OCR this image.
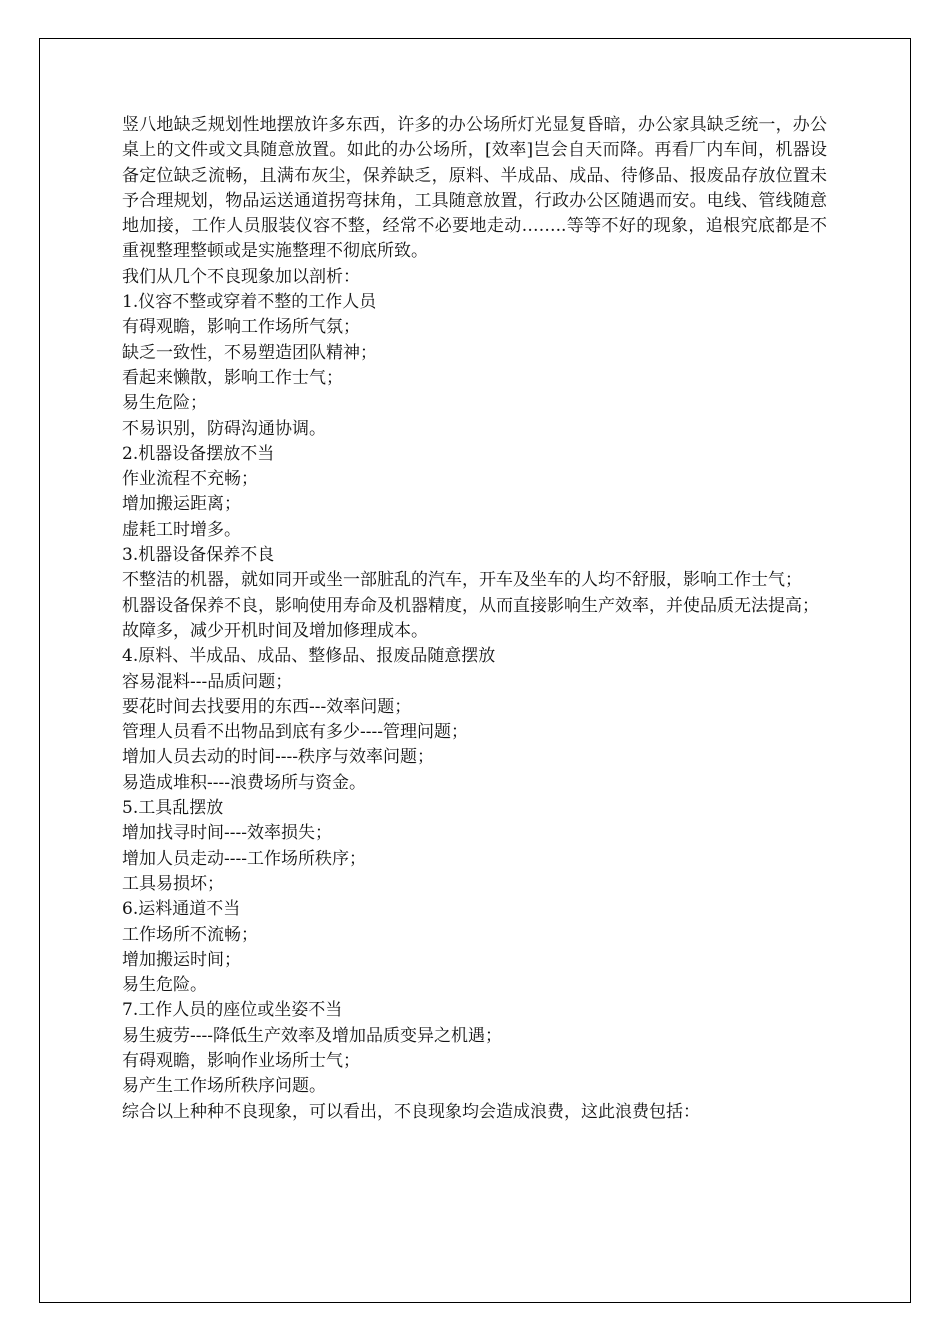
竖八地缺乏规划性地摆放许多东西，许多的办公场所灯光显复昏暗，办公家具缺乏统一，办公桌上的文件或文具随意放置。如此的办公场所，[效率]岂会自天而降。再看厂内车间，机器设备定位缺乏流畅，且满布灰尘，保养缺乏，原料、半成品、成品、待修品、报废品存放位置未予合理规划，物品运送通道拐弯抹角，工具随意放置，行政办公区随遇而安。电线、管线随意地加接，工作人员服装仪容不整，经常不必要地走动……..等等不好的现象，追根究底都是不重视整理整顿或是实施整理不彻底所致。

我们从几个不良现象加以剖析：

1.仪容不整或穿着不整的工作人员

有碍观瞻，影响工作场所气氛；

缺乏一致性，不易塑造团队精神；

看起来懒散，影响工作士气；

易生危险；

不易识别，防碍沟通协调。

2.机器设备摆放不当

作业流程不充畅；

增加搬运距离；

虚耗工时增多。

3.机器设备保养不良

不整洁的机器，就如同开或坐一部脏乱的汽车，开车及坐车的人均不舒服，影响工作士气；

机器设备保养不良，影响使用寿命及机器精度，从而直接影响生产效率，并使品质无法提高；

故障多，减少开机时间及增加修理成本。

4.原料、半成品、成品、整修品、报废品随意摆放

容易混料---品质问题；

要花时间去找要用的东西---效率问题；

管理人员看不出物品到底有多少----管理问题；

增加人员去动的时间----秩序与效率问题；

易造成堆积----浪费场所与资金。

5.工具乱摆放

增加找寻时间----效率损失；

增加人员走动----工作场所秩序；

工具易损坏；

6.运料通道不当

工作场所不流畅；

增加搬运时间；

易生危险。

7.工作人员的座位或坐姿不当

易生疲劳----降低生产效率及增加品质变异之机遇；

有碍观瞻，影响作业场所士气；

易产生工作场所秩序问题。

综合以上种种不良现象，可以看出，不良现象均会造成浪费，这此浪费包括：
